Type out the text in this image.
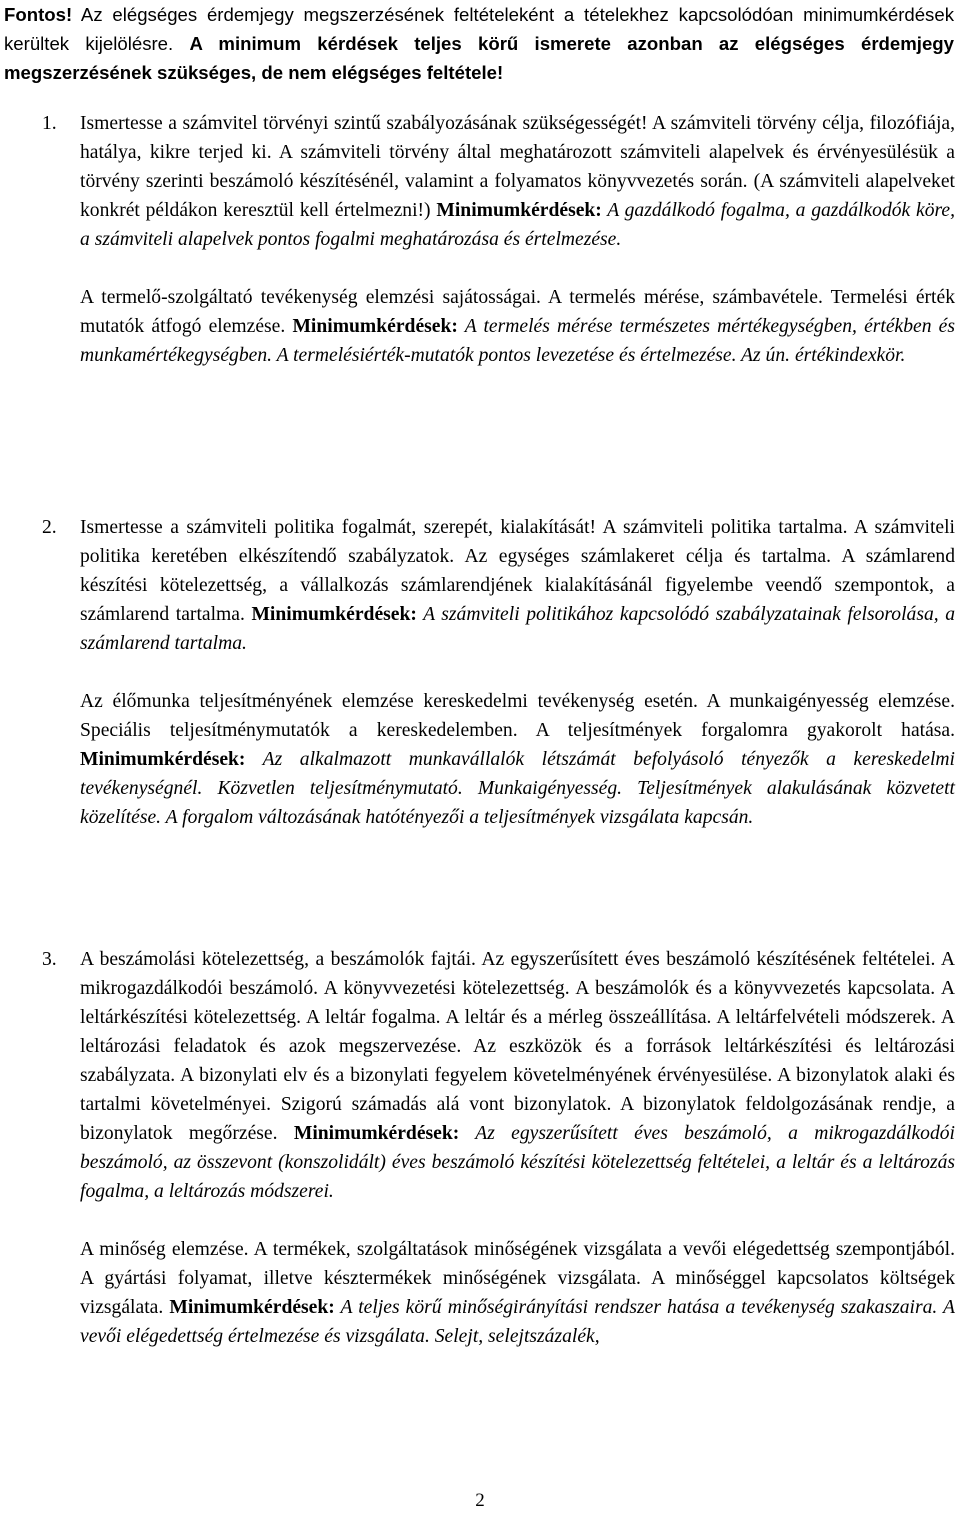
Fontos! Az elégséges érdemjegy megszerzésének feltételeként a tételekhez kapcsolódóan minimumkérdések kerültek kijelölésre. A minimum kérdések teljes körű ismerete azonban az elégséges érdemjegy megszerzésének szükséges, de nem elégséges feltétele!
1. Ismertesse a számvitel törvényi szintű szabályozásának szükségességét! A számviteli törvény célja, filozófiája, hatálya, kikre terjed ki. A számviteli törvény által meghatározott számviteli alapelvek és érvényesülésük a törvény szerinti beszámoló készítésénél, valamint a folyamatos könyvvezetés során. (A számviteli alapelveket konkrét példákon keresztül kell értelmezni!) Minimumkérdések: A gazdálkodó fogalma, a gazdálkodók köre, a számviteli alapelvek pontos fogalmi meghatározása és értelmezése.

A termelő-szolgáltató tevékenység elemzési sajátosságai. A termelés mérése, számbavétele. Termelési érték mutatók átfogó elemzése. Minimumkérdések: A termelés mérése természetes mértékegységben, értékben és munkamértékegységben. A termelésiérték-mutatók pontos levezetése és értelmezése. Az ún. értékindexkör.

2. Ismertesse a számviteli politika fogalmát, szerepét, kialakítását! A számviteli politika tartalma. A számviteli politika keretében elkészítendő szabályzatok. Az egységes számlakeret célja és tartalma. A számlarend készítési kötelezettség, a vállalkozás számlarendjének kialakításánál figyelembe veendő szempontok, a számlarend tartalma. Minimumkérdések: A számviteli politikához kapcsolódó szabályzatainak felsorolása, a számlarend tartalma.

Az élőmunka teljesítményének elemzése kereskedelmi tevékenység esetén. A munkaigényesség elemzése. Speciális teljesítménymutatók a kereskedelemben. A teljesítmények forgalomra gyakorolt hatása. Minimumkérdések: Az alkalmazott munkavállalók létszámát befolyásoló tényezők a kereskedelmi tevékenységnél. Közvetlen teljesítménymutató. Munkaigényesség. Teljesítmények alakulásának közvetett közelítése. A forgalom változásának hatótényezői a teljesítmények vizsgálata kapcsán.

3. A beszámolási kötelezettség, a beszámolók fajtái. Az egyszerűsített éves beszámoló készítésének feltételei. A mikrogazdálkodói beszámoló. A könyvvezetési kötelezettség. A beszámolók és a könyvvezetés kapcsolata. A leltárkészítési kötelezettség. A leltár fogalma. A leltár és a mérleg összeállítása. A leltárfelvételi módszerek. A leltározási feladatok és azok megszervezése. Az eszközök és a források leltárkészítési és leltározási szabályzata. A bizonylati elv és a bizonylati fegyelem követelményének érvényesülése. A bizonylatok alaki és tartalmi követelményei. Szigorú számadás alá vont bizonylatok. A bizonylatok feldolgozásának rendje, a bizonylatok megőrzése. Minimumkérdések: Az egyszerűsített éves beszámoló, a mikrogazdálkodói beszámoló, az összevont (konszolidált) éves beszámoló készítési kötelezettség feltételei, a leltár és a leltározás fogalma, a leltározás módszerei.

A minőség elemzése. A termékek, szolgáltatások minőségének vizsgálata a vevői elégedettség szempontjából. A gyártási folyamat, illetve késztermékek minőségének vizsgálata. A minőséggel kapcsolatos költségek vizsgálata. Minimumkérdések: A teljes körű minőségirányítási rendszer hatása a tevékenység szakaszaira. A vevői elégedettség értelmezése és vizsgálata. Selejt, selejtszázalék,

2
